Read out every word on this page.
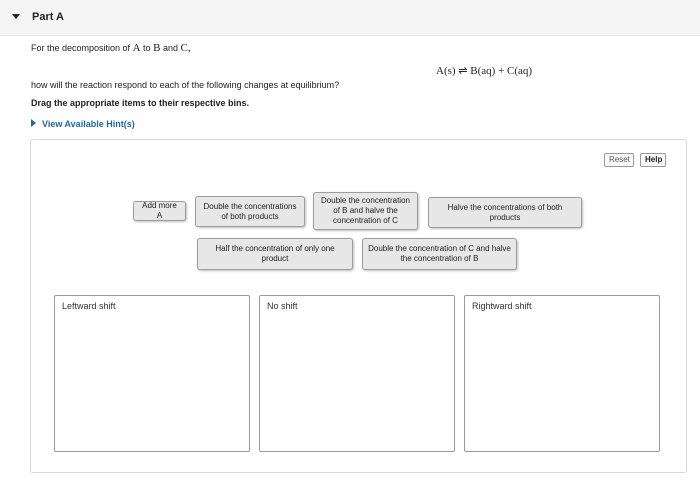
Part A
For the decomposition of A to B and C,
A(s) ⇌ B(aq) + C(aq)
how will the reaction respond to each of the following changes at equilibrium?
Drag the appropriate items to their respective bins.
View Available Hint(s)
Reset	Help
Add more A
Double the concentrations of both products
Double the concentration of B and halve the concentration of C
Halve the concentrations of both products
Half the concentration of only one product
Double the concentration of C and halve the concentration of B
Leftward shift	No shift	Rightward shift
